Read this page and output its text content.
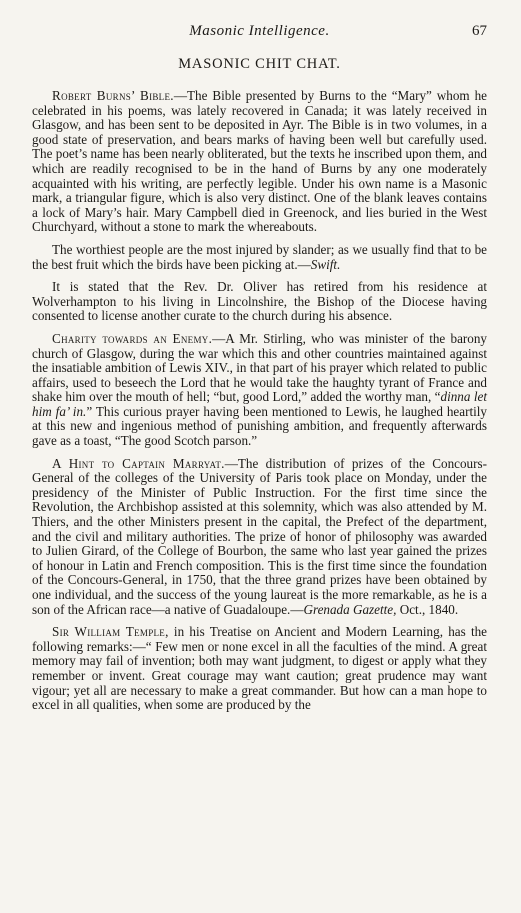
Masonic Intelligence.	67
MASONIC CHIT CHAT.

Robert Burns’ Bible.—The Bible presented by Burns to the “Mary” whom he celebrated in his poems, was lately recovered in Canada; it was lately received in Glasgow, and has been sent to be deposited in Ayr. The Bible is in two volumes, in a good state of preservation, and bears marks of having been well but carefully used. The poet’s name has been nearly obliterated, but the texts he inscribed upon them, and which are readily recognised to be in the hand of Burns by any one moderately acquainted with his writing, are perfectly legible. Under his own name is a Masonic mark, a triangular figure, which is also very distinct. One of the blank leaves contains a lock of Mary’s hair. Mary Campbell died in Greenock, and lies buried in the West Churchyard, without a stone to mark the whereabouts.

The worthiest people are the most injured by slander; as we usually find that to be the best fruit which the birds have been picking at.—Swift.

It is stated that the Rev. Dr. Oliver has retired from his residence at Wolverhampton to his living in Lincolnshire, the Bishop of the Diocese having consented to license another curate to the church during his absence.

Charity towards an Enemy.—A Mr. Stirling, who was minister of the barony church of Glasgow, during the war which this and other countries maintained against the insatiable ambition of Lewis XIV., in that part of his prayer which related to public affairs, used to beseech the Lord that he would take the haughty tyrant of France and shake him over the mouth of hell; “but, good Lord,” added the worthy man, “dinna let him fa’ in.” This curious prayer having been mentioned to Lewis, he laughed heartily at this new and ingenious method of punishing ambition, and frequently afterwards gave as a toast, “The good Scotch parson.”

A Hint to Captain Marryat.—The distribution of prizes of the Concours-General of the colleges of the University of Paris took place on Monday, under the presidency of the Minister of Public Instruction. For the first time since the Revolution, the Archbishop assisted at this solemnity, which was also attended by M. Thiers, and the other Ministers present in the capital, the Prefect of the department, and the civil and military authorities. The prize of honor of philosophy was awarded to Julien Girard, of the College of Bourbon, the same who last year gained the prizes of honour in Latin and French composition. This is the first time since the foundation of the Concours-General, in 1750, that the three grand prizes have been obtained by one individual, and the success of the young laureat is the more remarkable, as he is a son of the African race—a native of Guadaloupe.—Grenada Gazette, Oct., 1840.

Sir William Temple, in his Treatise on Ancient and Modern Learning, has the following remarks:—“ Few men or none excel in all the faculties of the mind. A great memory may fail of invention; both may want judgment, to digest or apply what they remember or invent. Great courage may want caution; great prudence may want vigour; yet all are necessary to make a great commander. But how can a man hope to excel in all qualities, when some are produced by the
